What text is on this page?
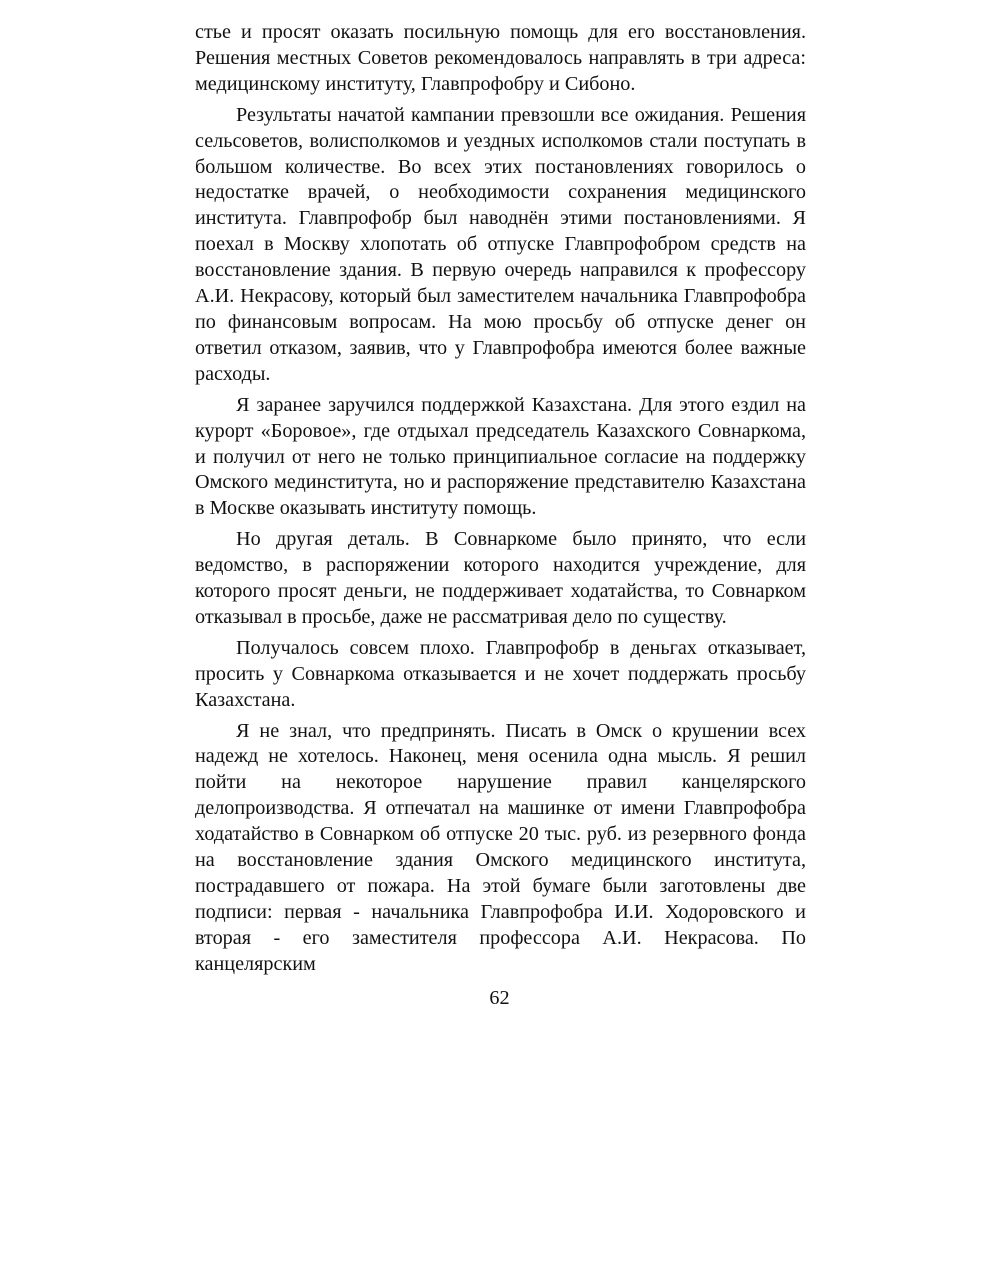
стье и просят оказать посильную помощь для его восстановления. Решения местных Советов рекомендовалось направлять в три адреса: медицинскому институту, Главпрофобру и Сибоно.

Результаты начатой кампании превзошли все ожидания. Решения сельсоветов, волисполкомов и уездных исполкомов стали поступать в большом количестве. Во всех этих постановлениях говорилось о недостатке врачей, о необходимости сохранения медицинского института. Главпрофобр был наводнён этими постановлениями. Я поехал в Москву хлопотать об отпуске Главпрофобром средств на восстановление здания. В первую очередь направился к профессору А.И. Некрасову, который был заместителем начальника Главпрофобра по финансовым вопросам. На мою просьбу об отпуске денег он ответил отказом, заявив, что у Главпрофобра имеются более важные расходы.

Я заранее заручился поддержкой Казахстана. Для этого ездил на курорт «Боровое», где отдыхал председатель Казахского Совнаркома, и получил от него не только принципиальное согласие на поддержку Омского мединститута, но и распоряжение представителю Казахстана в Москве оказывать институту помощь.

Но другая деталь. В Совнаркоме было принято, что если ведомство, в распоряжении которого находится учреждение, для которого просят деньги, не поддерживает ходатайства, то Совнарком отказывал в просьбе, даже не рассматривая дело по существу.

Получалось совсем плохо. Главпрофобр в деньгах отказывает, просить у Совнаркома отказывается и не хочет поддержать просьбу Казахстана.

Я не знал, что предпринять. Писать в Омск о крушении всех надежд не хотелось. Наконец, меня осенила одна мысль. Я решил пойти на некоторое нарушение правил канцелярского делопроизводства. Я отпечатал на машинке от имени Главпрофобра ходатайство в Совнарком об отпуске 20 тыс. руб. из резервного фонда на восстановление здания Омского медицинского института, пострадавшего от пожара. На этой бумаге были заготовлены две подписи: первая - начальника Главпрофобра И.И. Ходоровского и вторая - его заместителя профессора А.И. Некрасова. По канцелярским

62
